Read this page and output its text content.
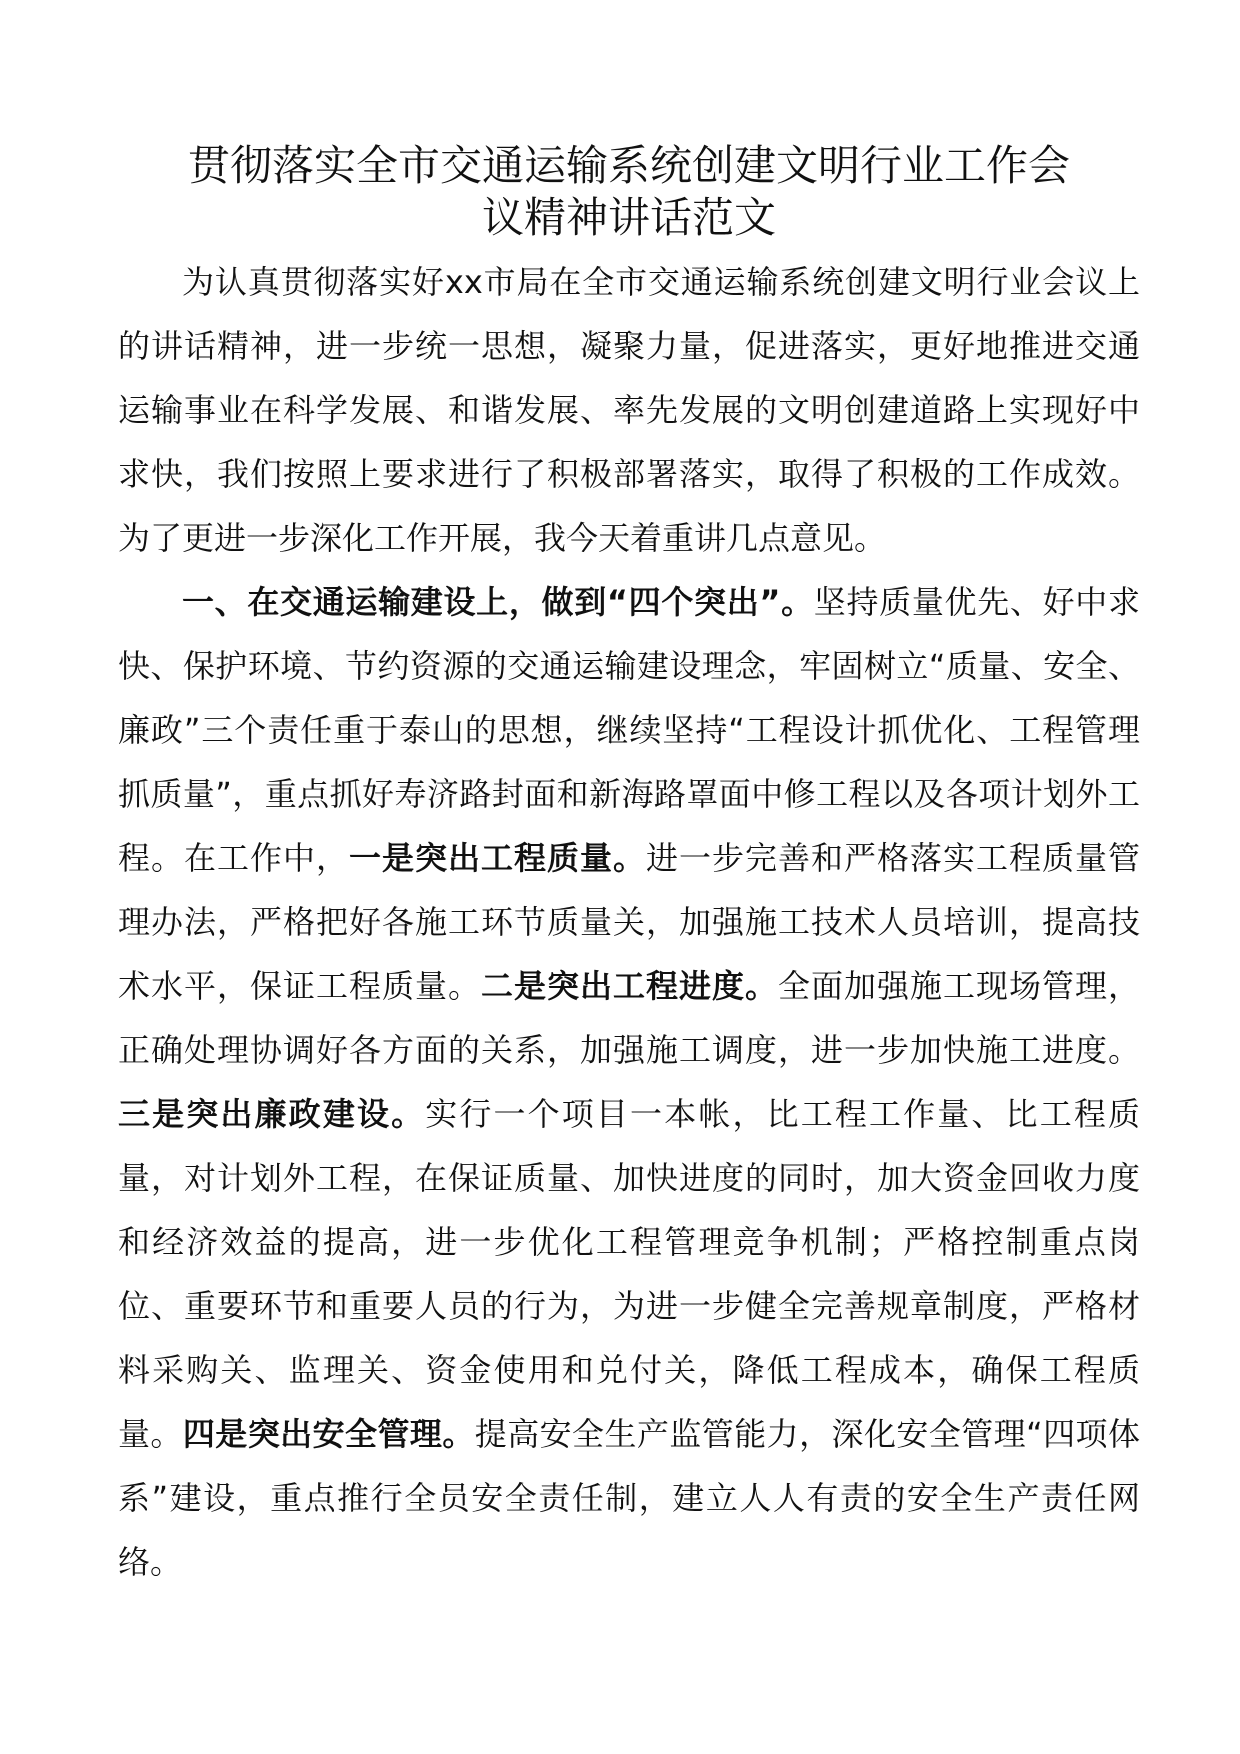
贯彻落实全市交通运输系统创建文明行业工作会
议精神讲话范文

为认真贯彻落实好xx市局在全市交通运输系统创建文明行业会议上的讲话精神，进一步统一思想，凝聚力量，促进落实，更好地推进交通运输事业在科学发展、和谐发展、率先发展的文明创建道路上实现好中求快，我们按照上要求进行了积极部署落实，取得了积极的工作成效。为了更进一步深化工作开展，我今天着重讲几点意见。

一、在交通运输建设上，做到“四个突出”。坚持质量优先、好中求快、保护环境、节约资源的交通运输建设理念，牢固树立“质量、安全、廉政”三个责任重于泰山的思想，继续坚持“工程设计抓优化、工程管理抓质量”，重点抓好寿济路封面和新海路罩面中修工程以及各项计划外工程。在工作中，一是突出工程质量。进一步完善和严格落实工程质量管理办法，严格把好各施工环节质量关，加强施工技术人员培训，提高技术水平，保证工程质量。二是突出工程进度。全面加强施工现场管理，正确处理协调好各方面的关系，加强施工调度，进一步加快施工进度。三是突出廉政建设。实行一个项目一本帐，比工程工作量、比工程质量，对计划外工程，在保证质量、加快进度的同时，加大资金回收力度和经济效益的提高，进一步优化工程管理竞争机制；严格控制重点岗位、重要环节和重要人员的行为，为进一步健全完善规章制度，严格材料采购关、监理关、资金使用和兑付关，降低工程成本，确保工程质量。四是突出安全管理。提高安全生产监管能力，深化安全管理“四项体系”建设，重点推行全员安全责任制，建立人人有责的安全生产责任网络。
